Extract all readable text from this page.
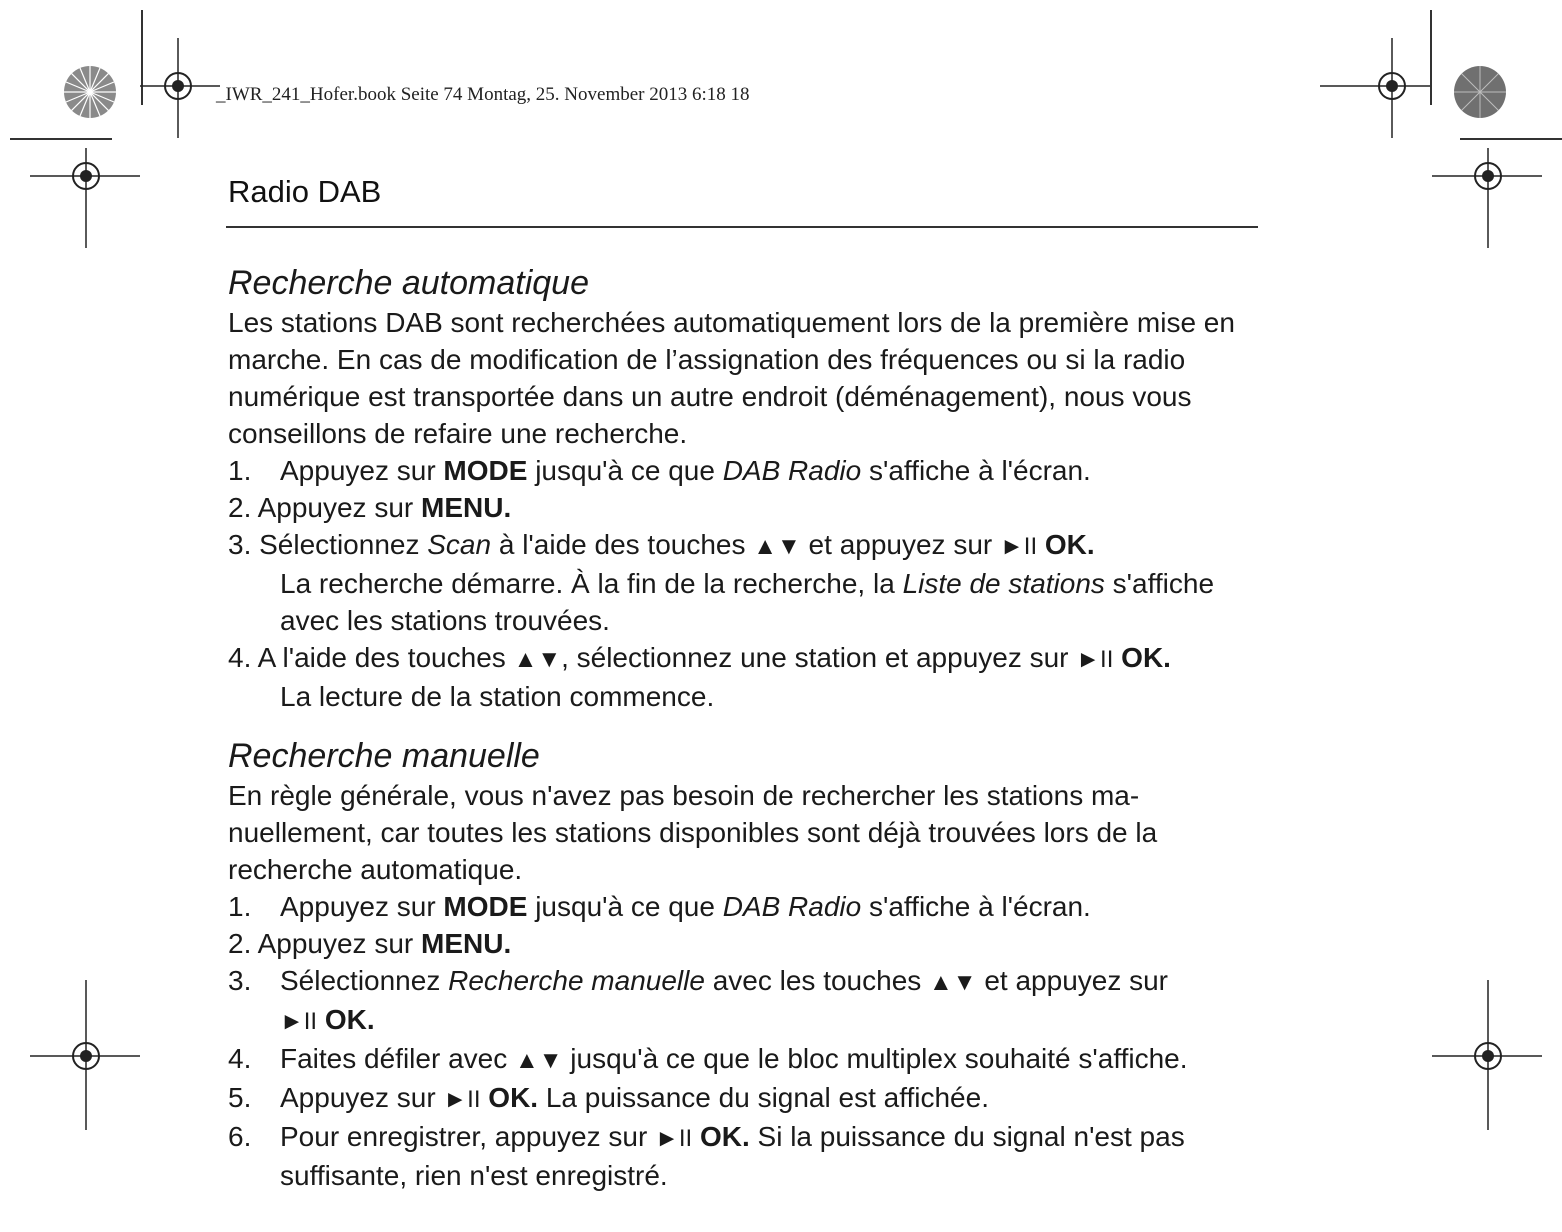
_IWR_241_Hofer.book Seite 74 Montag, 25. November 2013 6:18 18
Radio DAB
Recherche automatique

Les stations DAB sont recherchées automatiquement lors de la première mise en marche. En cas de modification de l’assignation des fréquences ou si la radio numérique est transportée dans un autre endroit (déménagement), nous vous conseillons de refaire une recherche.

1. Appuyez sur MODE jusqu'à ce que DAB Radio s'affiche à l'écran.
2. Appuyez sur MENU.
3. Sélectionnez Scan à l'aide des touches ▲▼ et appuyez sur ►II OK.
La recherche démarre. À la fin de la recherche, la Liste de stations s'affiche avec les stations trouvées.
4. A l'aide des touches ▲▼, sélectionnez une station et appuyez sur ►II OK.
La lecture de la station commence.
Recherche manuelle

En règle générale, vous n'avez pas besoin de rechercher les stations ma-nuellement, car toutes les stations disponibles sont déjà trouvées lors de la recherche automatique.

1. Appuyez sur MODE jusqu'à ce que DAB Radio s'affiche à l'écran.
2. Appuyez sur MENU.
3. Sélectionnez Recherche manuelle avec les touches ▲▼ et appuyez sur
►II OK.
4. Faites défiler avec ▲▼ jusqu'à ce que le bloc multiplex souhaité s'affiche.
5. Appuyez sur ►II OK. La puissance du signal est affichée.
6. Pour enregistrer, appuyez sur ►II OK. Si la puissance du signal n'est pas suffisante, rien n'est enregistré.
